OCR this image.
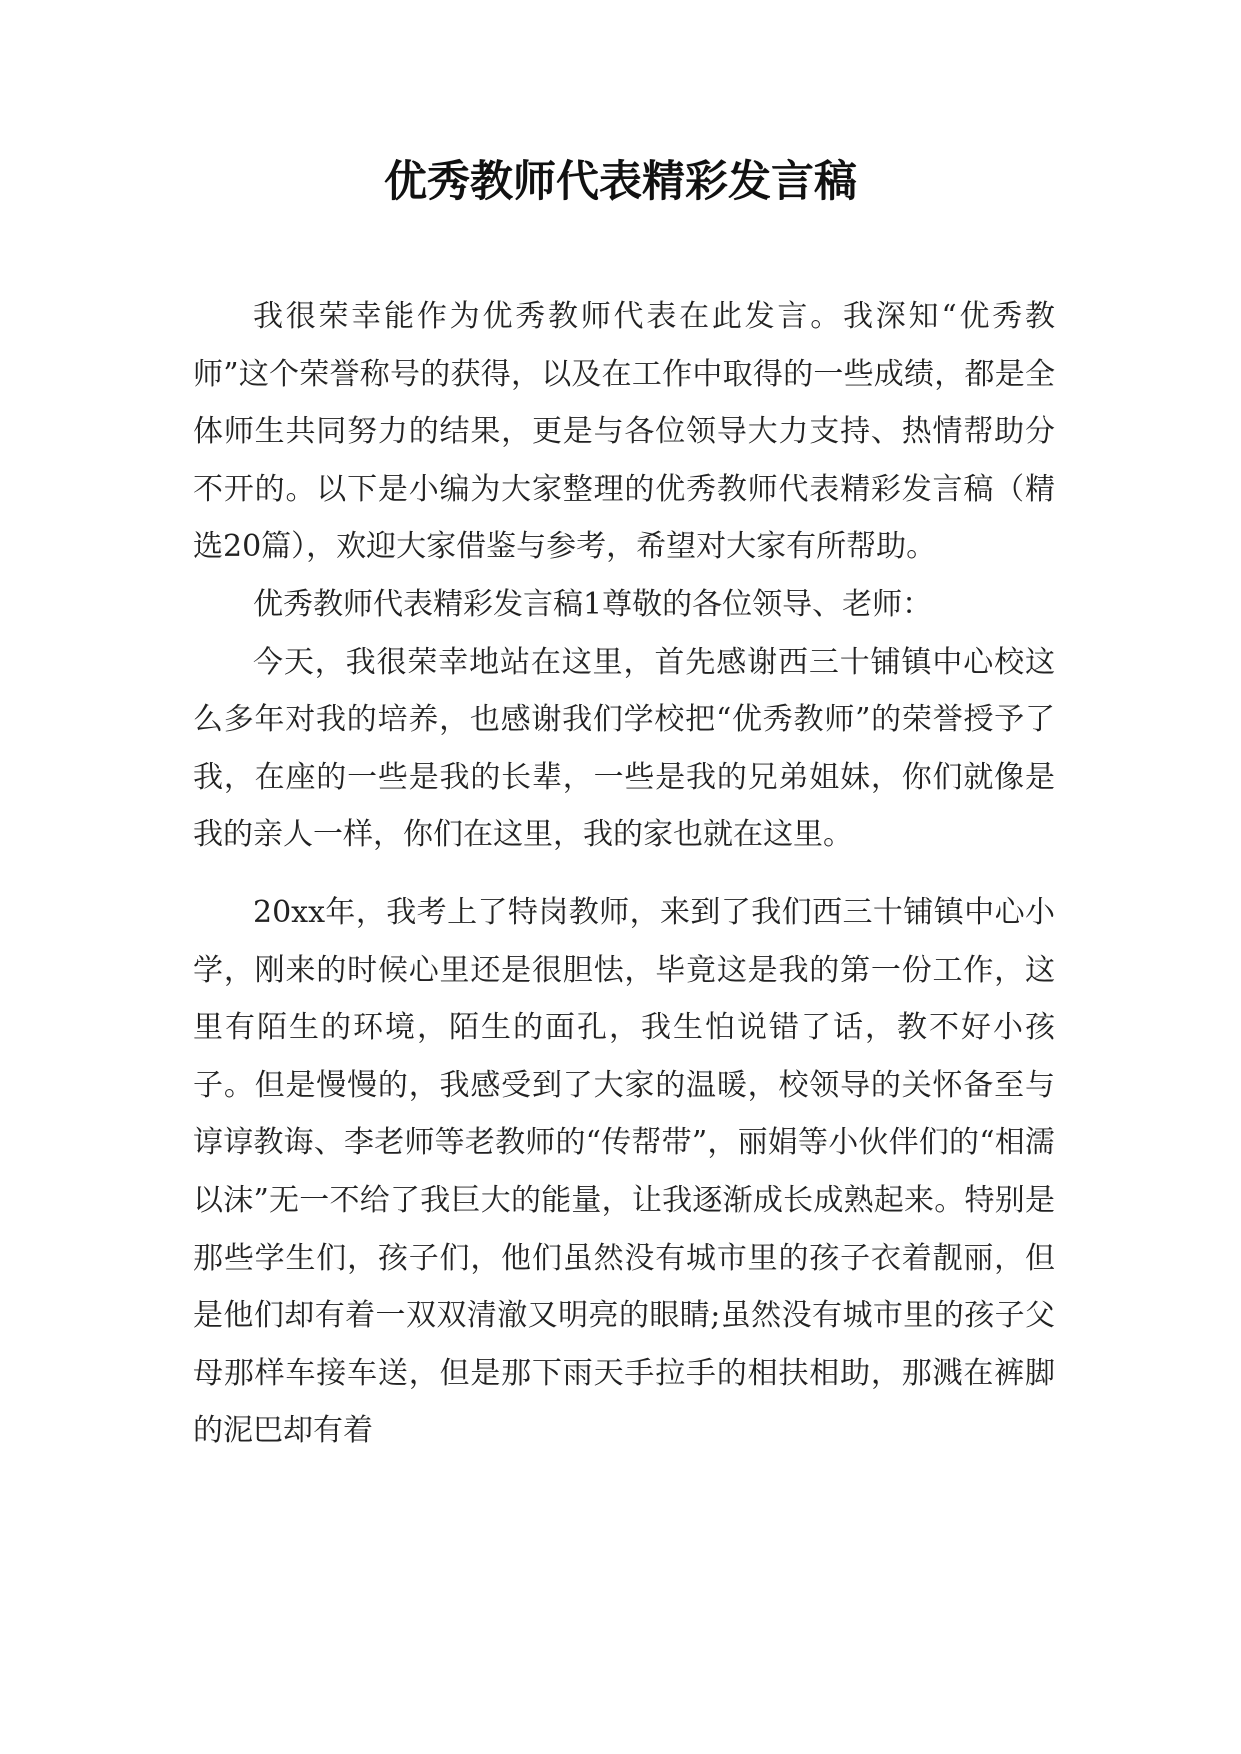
优秀教师代表精彩发言稿

我很荣幸能作为优秀教师代表在此发言。我深知“优秀教师”这个荣誉称号的获得，以及在工作中取得的一些成绩，都是全体师生共同努力的结果，更是与各位领导大力支持、热情帮助分不开的。以下是小编为大家整理的优秀教师代表精彩发言稿（精选20篇），欢迎大家借鉴与参考，希望对大家有所帮助。

优秀教师代表精彩发言稿1尊敬的各位领导、老师：

今天，我很荣幸地站在这里，首先感谢西三十铺镇中心校这么多年对我的培养，也感谢我们学校把“优秀教师”的荣誉授予了我，在座的一些是我的长辈，一些是我的兄弟姐妹，你们就像是我的亲人一样，你们在这里，我的家也就在这里。

20xx年，我考上了特岗教师，来到了我们西三十铺镇中心小学，刚来的时候心里还是很胆怯，毕竟这是我的第一份工作，这里有陌生的环境，陌生的面孔，我生怕说错了话，教不好小孩子。但是慢慢的，我感受到了大家的温暖，校领导的关怀备至与谆谆教诲、李老师等老教师的“传帮带”，丽娟等小伙伴们的“相濡以沫”无一不给了我巨大的能量，让我逐渐成长成熟起来。特别是那些学生们，孩子们，他们虽然没有城市里的孩子衣着靓丽，但是他们却有着一双双清澈又明亮的眼睛;虽然没有城市里的孩子父母那样车接车送，但是那下雨天手拉手的相扶相助，那溅在裤脚的泥巴却有着
